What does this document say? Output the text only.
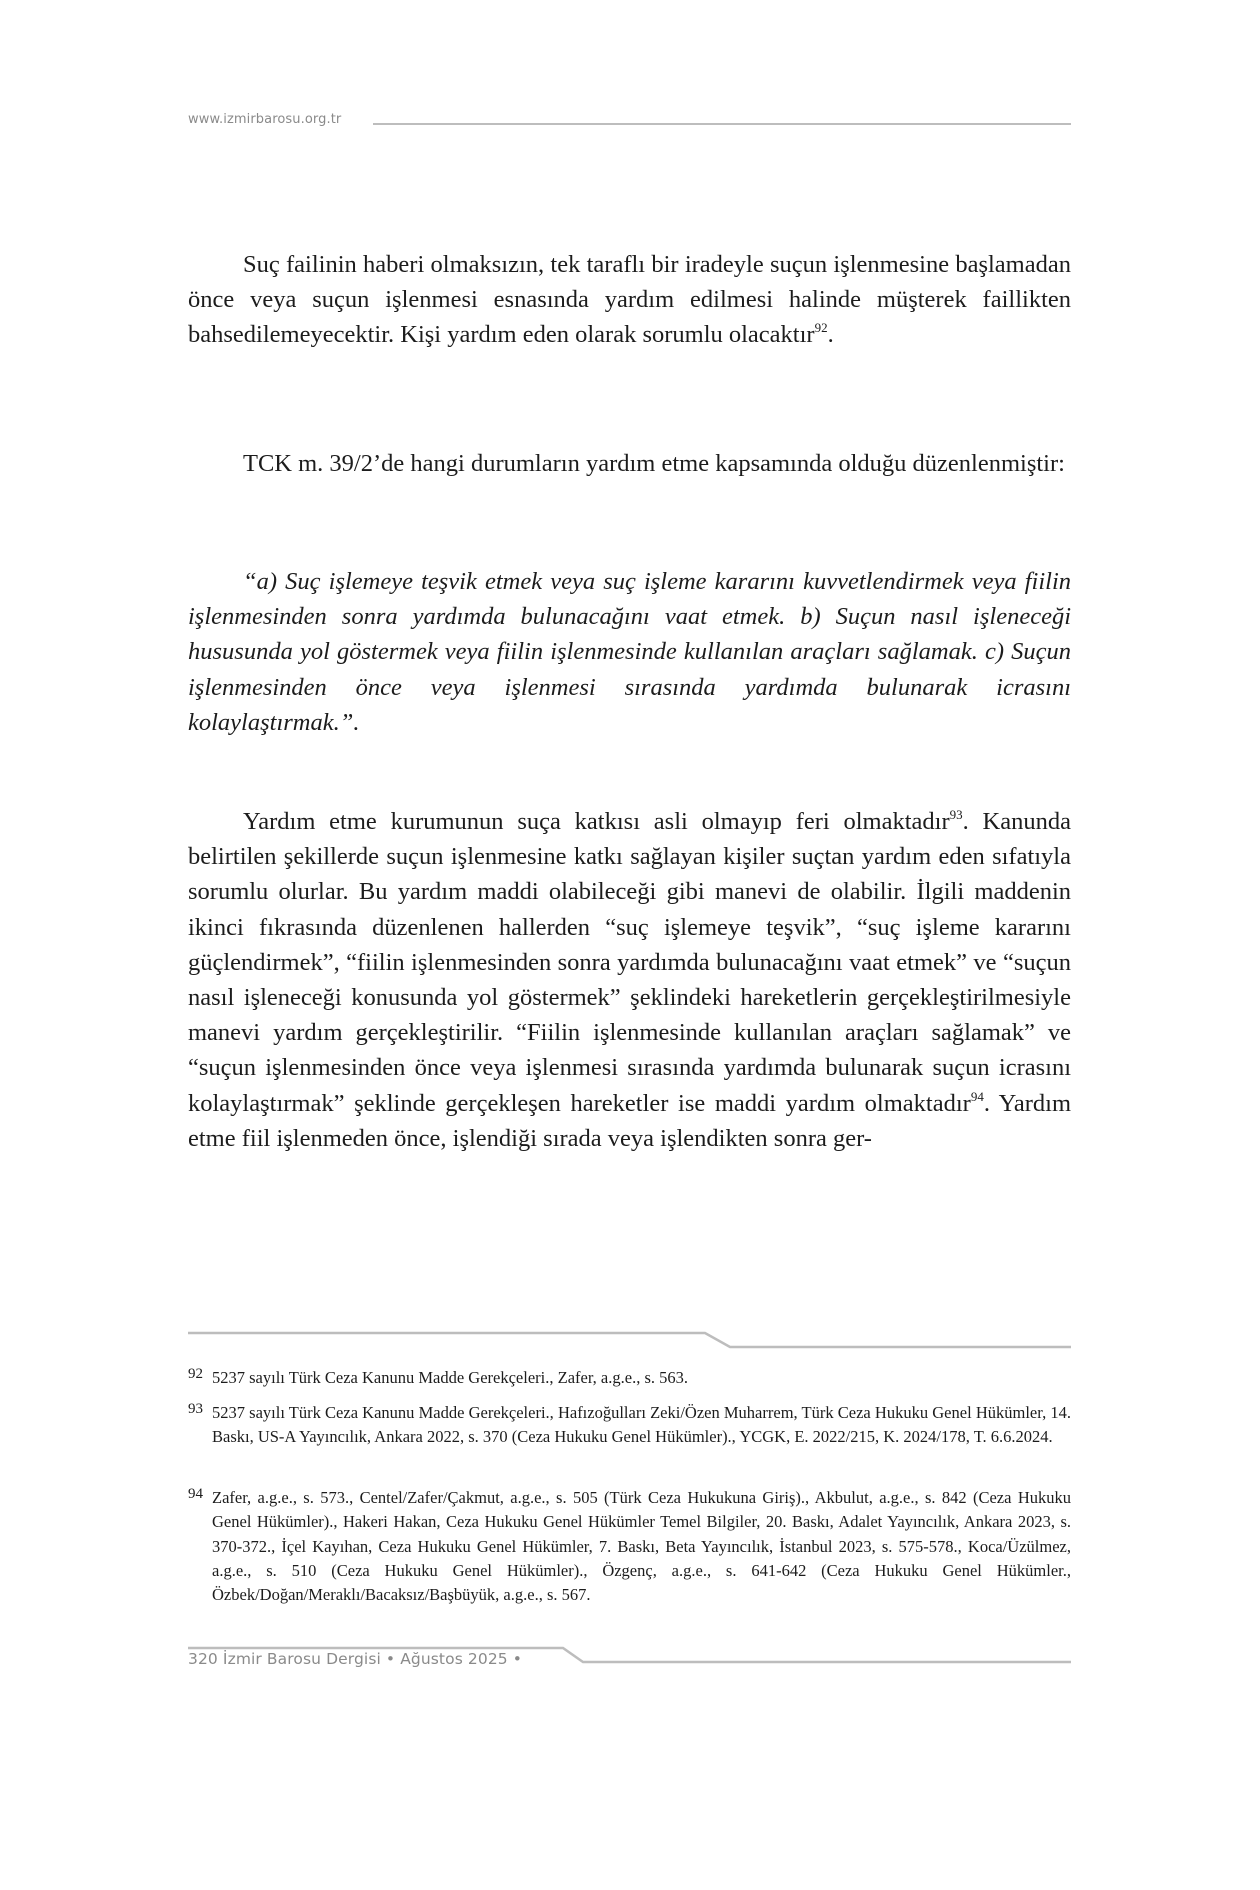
www.izmirbarosu.org.tr

Suç failinin haberi olmaksızın, tek taraflı bir iradeyle suçun işlenmesine başlamadan önce veya suçun işlenmesi esnasında yardım edilmesi halinde müşterek faillikten bahsedilemeyecektir. Kişi yardım eden olarak sorumlu olacaktır$^{92}$.

TCK m. 39/2’de hangi durumların yardım etme kapsamında olduğu düzenlenmiştir:

“a) Suç işlemeye teşvik etmek veya suç işleme kararını kuvvetlendirmek veya fiilin işlenmesinden sonra yardımda bulunacağını vaat etmek. b) Suçun nasıl işleneceği hususunda yol göstermek veya fiilin işlenmesinde kullanılan araçları sağlamak. c) Suçun işlenmesinden önce veya işlenmesi sırasında yardımda bulunarak icrasını kolaylaştırmak.”.

Yardım etme kurumunun suça katkısı asli olmayıp feri olmaktadır$^{93}$. Kanunda belirtilen şekillerde suçun işlenmesine katkı sağlayan kişiler suçtan yardım eden sıfatıyla sorumlu olurlar. Bu yardım maddi olabileceği gibi manevi de olabilir. İlgili maddenin ikinci fıkrasında düzenlenen hallerden “suç işlemeye teşvik”, “suç işleme kararını güçlendirmek”, “fiilin işlenmesinden sonra yardımda bulunacağını vaat etmek” ve “suçun nasıl işleneceği konusunda yol göstermek” şeklindeki hareketlerin gerçekleştirilmesiyle manevi yardım gerçekleştirilir. “Fiilin işlenmesinde kullanılan araçları sağlamak” ve “suçun işlenmesinden önce veya işlenmesi sırasında yardımda bulunarak suçun icrasını kolaylaştırmak” şeklinde gerçekleşen hareketler ise maddi yardım olmaktadır$^{94}$. Yardım etme fiil işlenmeden önce, işlendiği sırada veya işlendikten sonra ger-

92 5237 sayılı Türk Ceza Kanunu Madde Gerekçeleri., Zafer, a.g.e., s. 563.
93 5237 sayılı Türk Ceza Kanunu Madde Gerekçeleri., Hafızoğulları Zeki/Özen Muharrem, Türk Ceza Hukuku Genel Hükümler, 14. Baskı, US-A Yayıncılık, Ankara 2022, s. 370 (Ceza Hukuku Genel Hükümler)., YCGK, E. 2022/215, K. 2024/178, T. 6.6.2024.
94 Zafer, a.g.e., s. 573., Centel/Zafer/Çakmut, a.g.e., s. 505 (Türk Ceza Hukukuna Giriş)., Akbulut, a.g.e., s. 842 (Ceza Hukuku Genel Hükümler)., Hakeri Hakan, Ceza Hukuku Genel Hükümler Temel Bilgiler, 20. Baskı, Adalet Yayıncılık, Ankara 2023, s. 370-372., İçel Kayıhan, Ceza Hukuku Genel Hükümler, 7. Baskı, Beta Yayıncılık, İstanbul 2023, s. 575-578., Koca/Üzülmez, a.g.e., s. 510 (Ceza Hukuku Genel Hükümler)., Özgenç, a.g.e., s. 641-642 (Ceza Hukuku Genel Hükümler., Özbek/Doğan/Meraklı/Bacaksız/Başbüyük, a.g.e., s. 567.
320 İzmir Barosu Dergisi • Ağustos 2025 •
